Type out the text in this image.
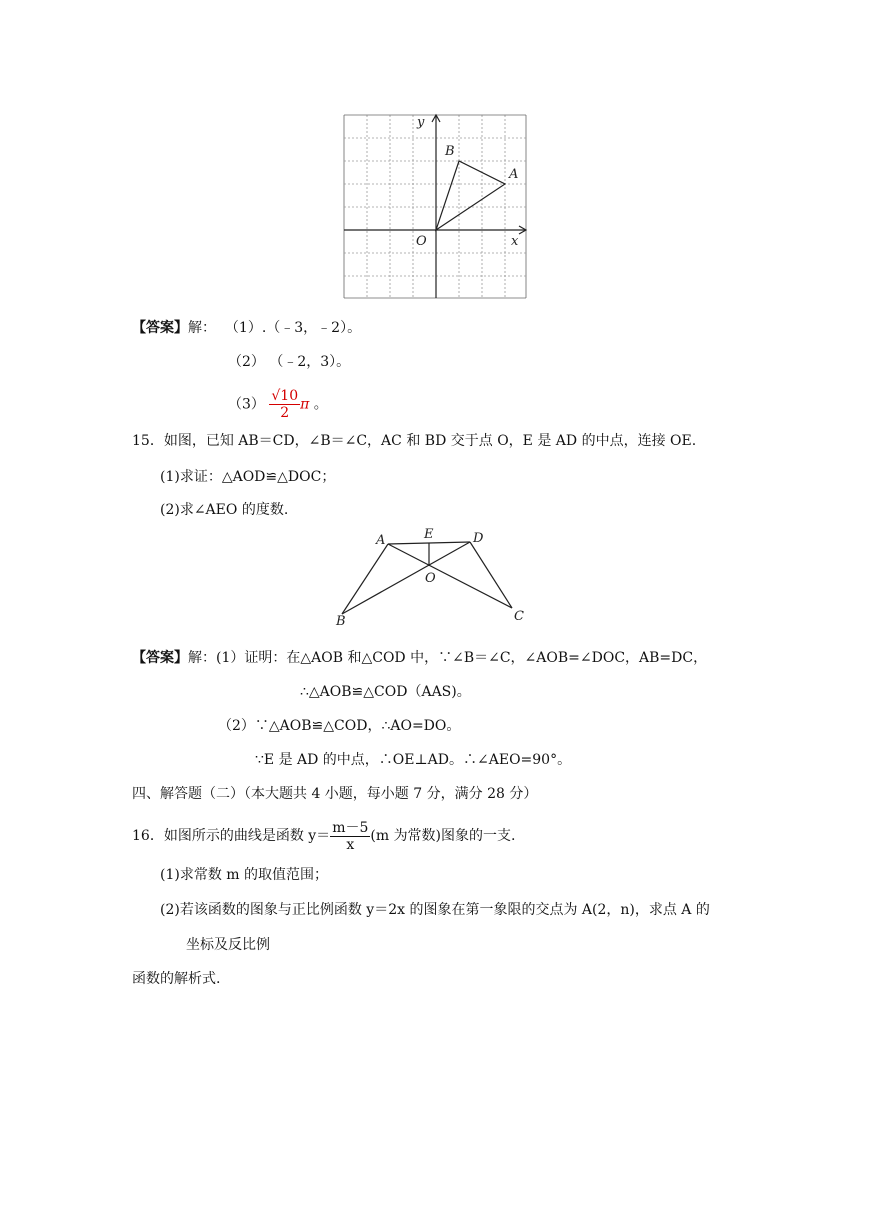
y
x
O
A
B
【答案】解： （1）.（﹣3，﹣2）。
（2） （﹣2，3）。
$(3) \frac{√10}{2}$ π 。
15．如图，已知 AB＝CD，∠B＝∠C，AC 和 BD 交于点 O，E 是 AD 的中点，连接 OE.
(1)求证：△AOD≌△DOC；
(2)求∠AEO 的度数.
A	E	D
O
B	C
【答案】解：(1）证明：在△AOB 和△COD 中，∵∠B＝∠C，∠AOB=∠DOC，AB=DC，
∴△AOB≌△COD（AAS)。
（2）∵△AOB≌△COD，∴AO=DO。
∵E 是 AD 的中点，∴OE⊥AD。∴∠AEO=90°。
四、解答题（二）（本大题共 4 小题，每小题 7 分，满分 28 分）
16．如图所示的曲线是函数 $y= \frac{m-5}{x} (m$ 为常数)图象的一支.
(1)求常数 m 的取值范围；
(2)若该函数的图象与正比例函数 y＝2x 的图象在第一象限的交点为 A(2，n)，求点 A 的
坐标及反比例
函数的解析式.
